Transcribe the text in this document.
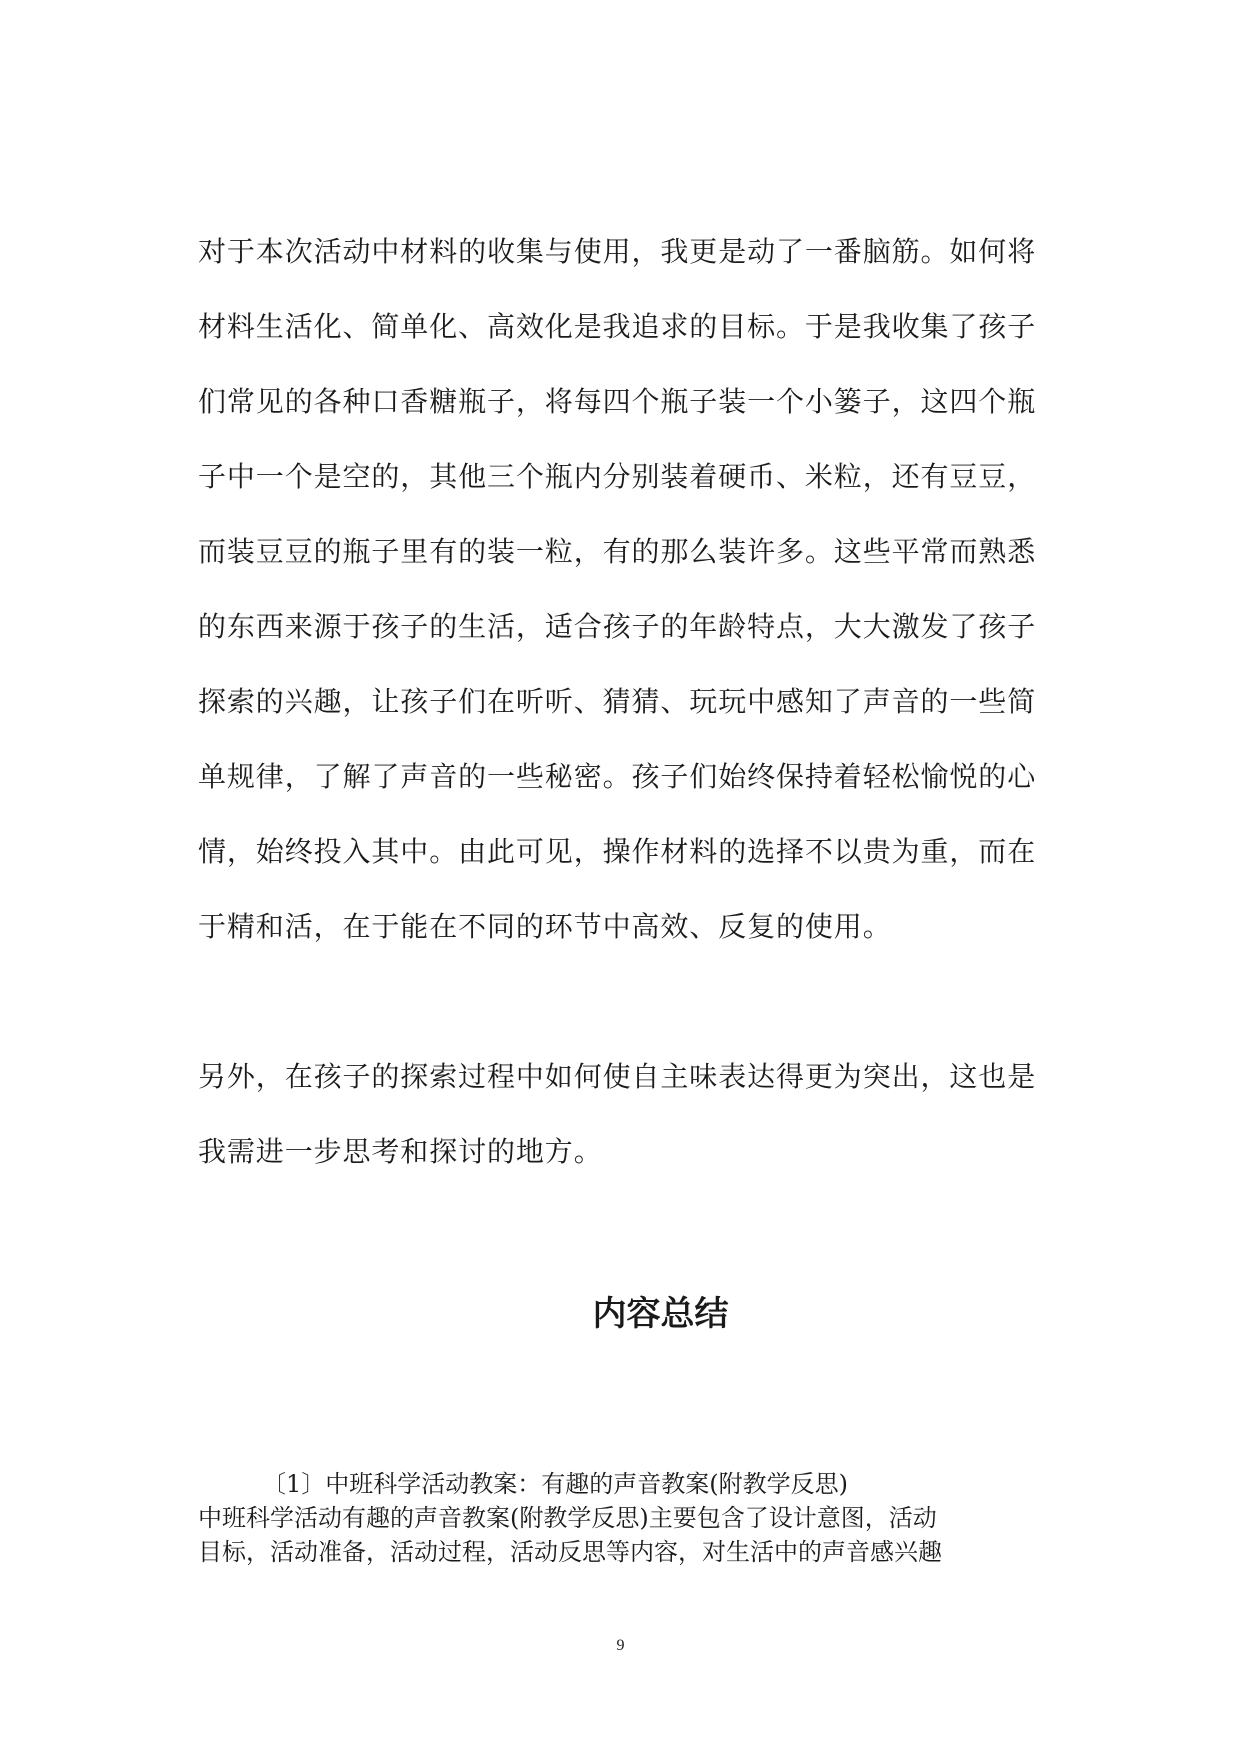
对于本次活动中材料的收集与使用，我更是动了一番脑筋。如何将
材料生活化、简单化、高效化是我追求的目标。于是我收集了孩子
们常见的各种口香糖瓶子，将每四个瓶子装一个小篓子，这四个瓶
子中一个是空的，其他三个瓶内分别装着硬币、米粒，还有豆豆，
而装豆豆的瓶子里有的装一粒，有的那么装许多。这些平常而熟悉
的东西来源于孩子的生活，适合孩子的年龄特点，大大激发了孩子
探索的兴趣，让孩子们在听听、猜猜、玩玩中感知了声音的一些简
单规律，了解了声音的一些秘密。孩子们始终保持着轻松愉悦的心
情，始终投入其中。由此可见，操作材料的选择不以贵为重，而在
于精和活，在于能在不同的环节中高效、反复的使用。
另外，在孩子的探索过程中如何使自主味表达得更为突出，这也是
我需进一步思考和探讨的地方。
内容总结
〔1〕中班科学活动教案：有趣的声音教案(附教学反思)
中班科学活动有趣的声音教案(附教学反思)主要包含了设计意图，活动
目标，活动准备，活动过程，活动反思等内容，对生活中的声音感兴趣
9
